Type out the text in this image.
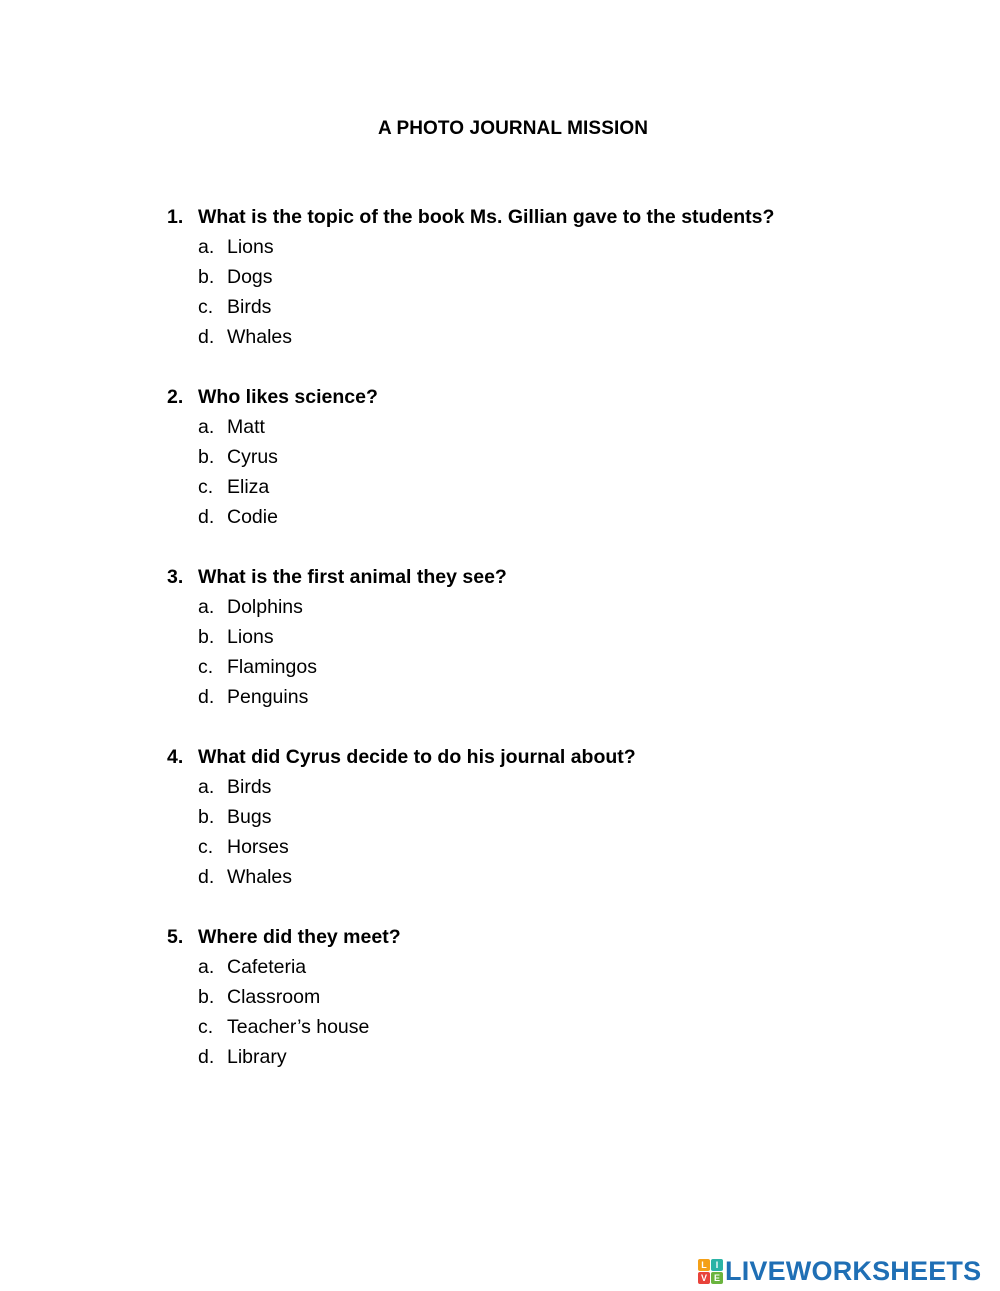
A PHOTO JOURNAL MISSION
1. What is the topic of the book Ms. Gillian gave to the students?
a. Lions
b. Dogs
c. Birds
d. Whales
2. Who likes science?
a. Matt
b. Cyrus
c. Eliza
d. Codie
3. What is the first animal they see?
a. Dolphins
b. Lions
c. Flamingos
d. Penguins
4. What did Cyrus decide to do his journal about?
a. Birds
b. Bugs
c. Horses
d. Whales
5. Where did they meet?
a. Cafeteria
b. Classroom
c. Teacher’s house
d. Library
L I
V E LIVEWORKSHEETS
